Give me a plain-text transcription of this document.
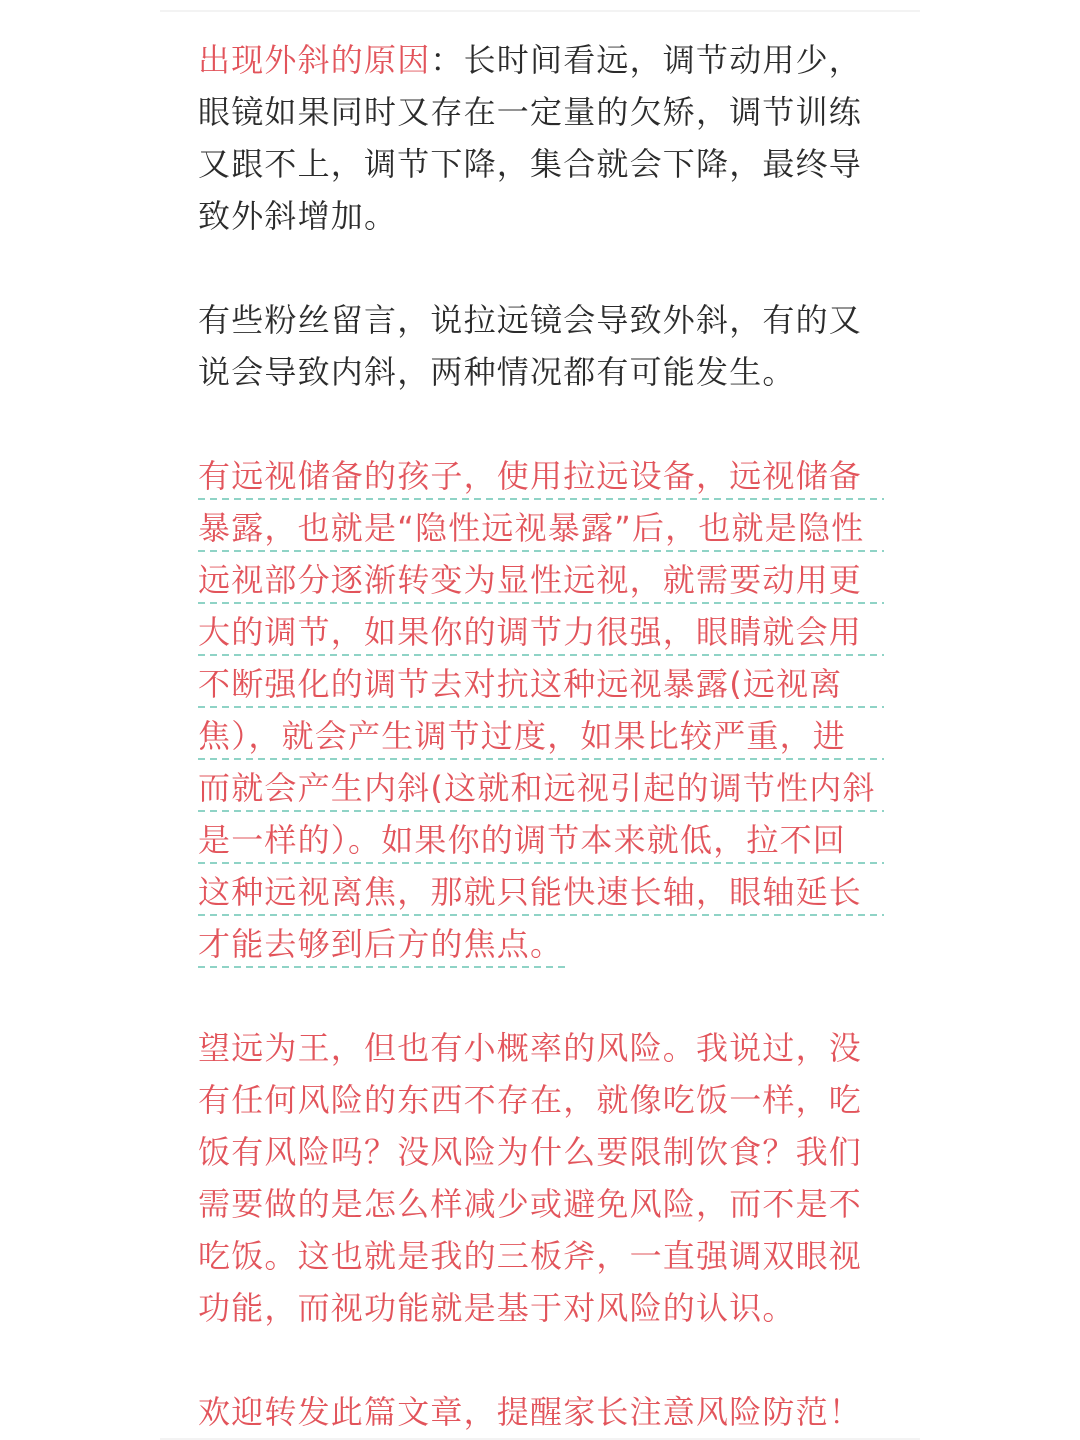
出现外斜的原因：长时间看远，调节动用少，眼镜如果同时又存在一定量的欠矫，调节训练又跟不上，调节下降，集合就会下降，最终导致外斜增加。

有些粉丝留言，说拉远镜会导致外斜，有的又说会导致内斜，两种情况都有可能发生。

有远视储备的孩子，使用拉远设备，远视储备
暴露，也就是“隐性远视暴露”后，也就是隐性
远视部分逐渐转变为显性远视，就需要动用更
大的调节，如果你的调节力很强，眼睛就会用
不断强化的调节去对抗这种远视暴露(远视离
焦），就会产生调节过度，如果比较严重，进
而就会产生内斜(这就和远视引起的调节性内斜
是一样的）。如果你的调节本来就低，拉不回
这种远视离焦，那就只能快速长轴，眼轴延长
才能去够到后方的焦点。

望远为王，但也有小概率的风险。我说过，没有任何风险的东西不存在，就像吃饭一样，吃饭有风险吗？没风险为什么要限制饮食？我们需要做的是怎么样减少或避免风险，而不是不吃饭。这也就是我的三板斧，一直强调双眼视功能，而视功能就是基于对风险的认识。

欢迎转发此篇文章，提醒家长注意风险防范！
